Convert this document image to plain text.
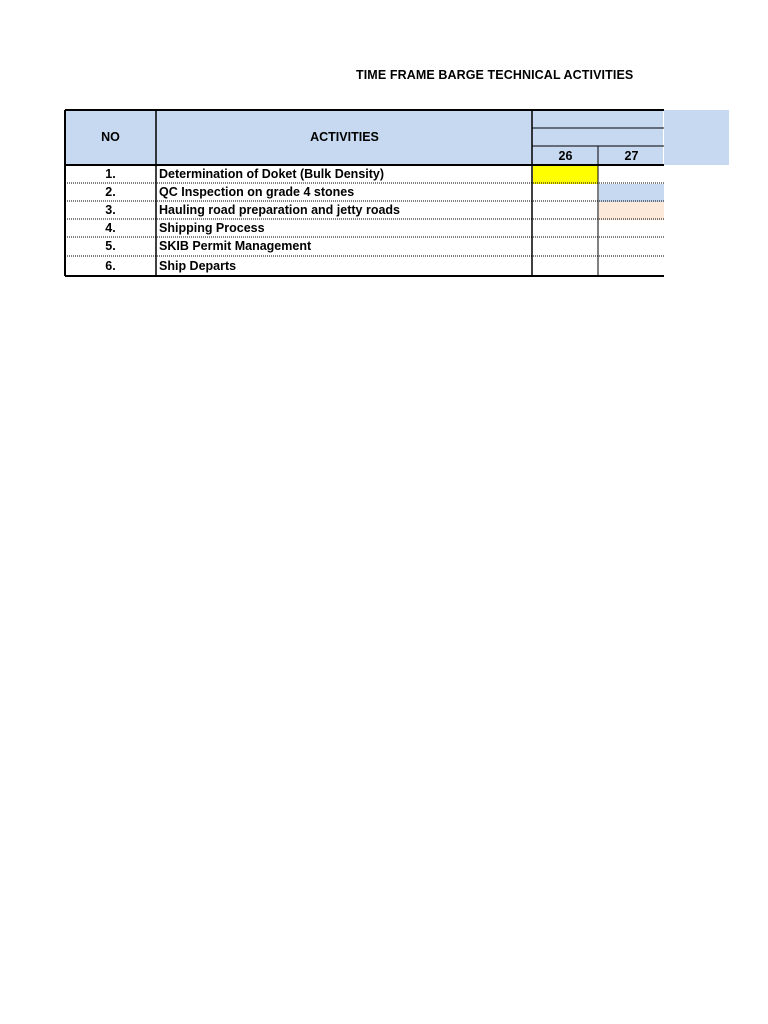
TIME FRAME BARGE TECHNICAL ACTIVITIES
NO	ACTIVITIES
26	27
1.	Determination of Doket (Bulk Density)
2.	QC Inspection on grade 4 stones
3.	Hauling road preparation and jetty roads
4.	Shipping Process
5.	SKIB Permit Management
6.	Ship Departs
